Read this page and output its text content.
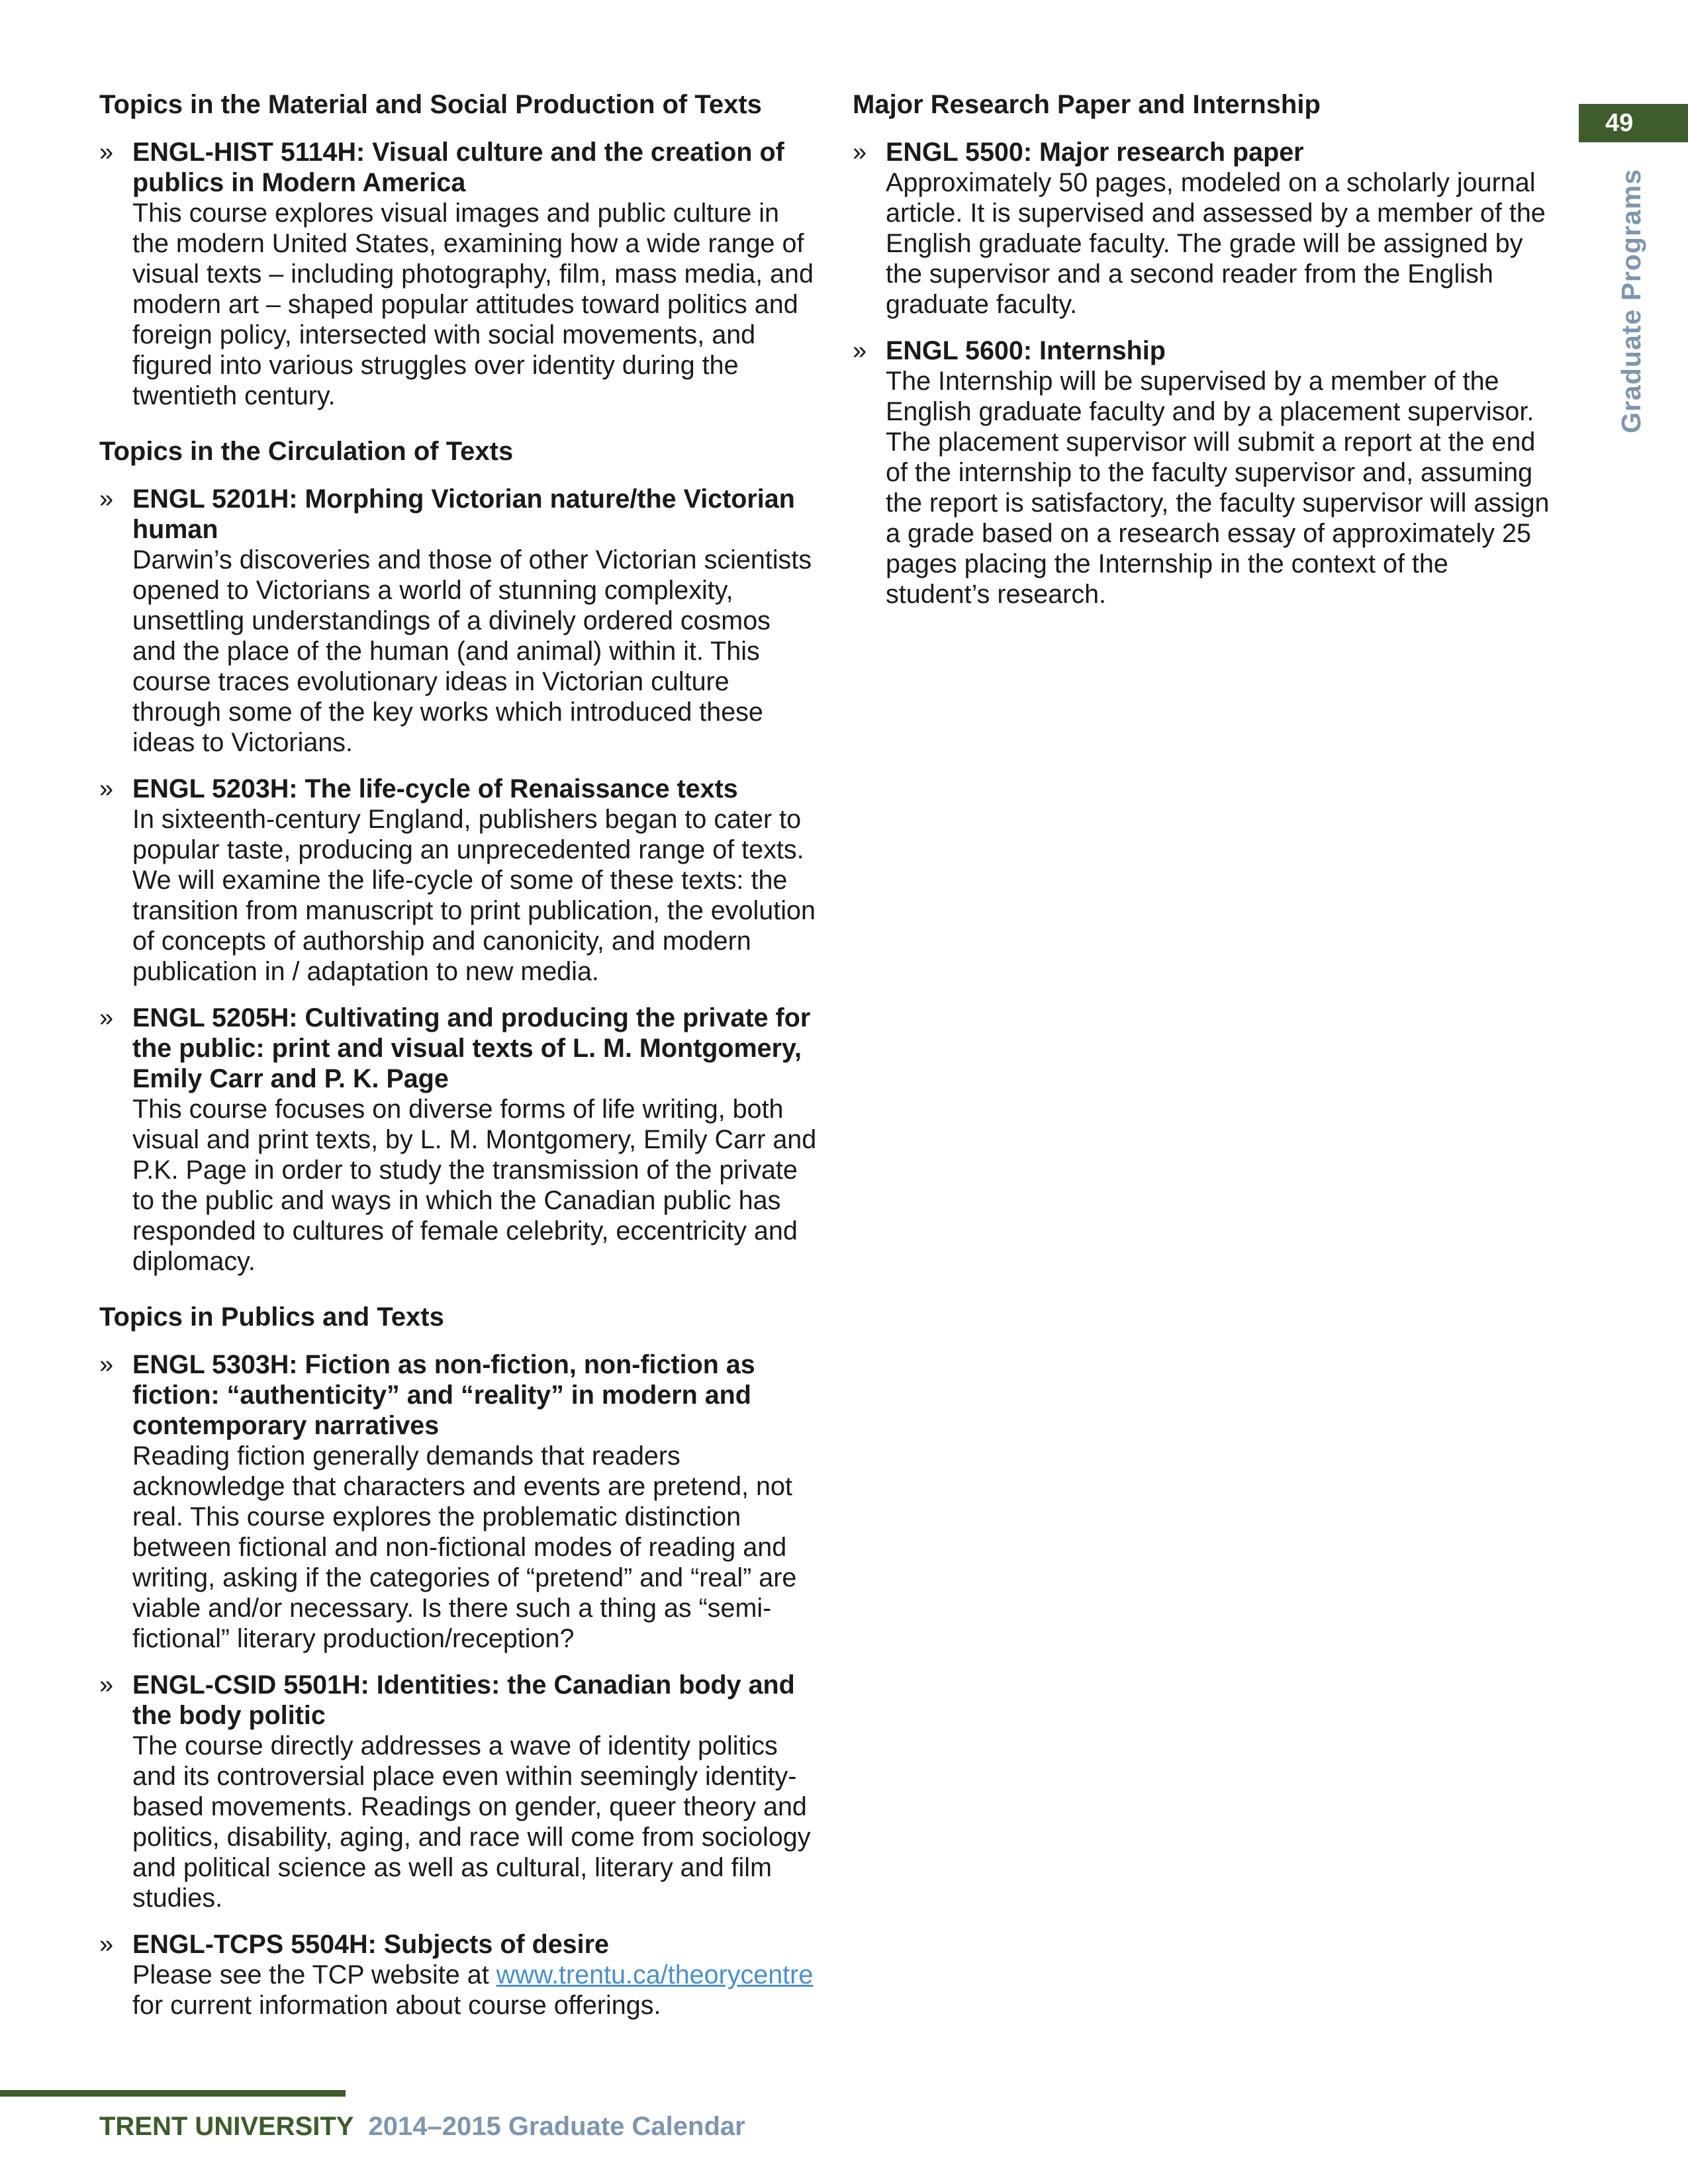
49
Graduate Programs
Topics in the Material and Social Production of Texts
» ENGL-HIST 5114H: Visual culture and the creation of publics in Modern America
This course explores visual images and public culture in the modern United States, examining how a wide range of visual texts – including photography, film, mass media, and modern art – shaped popular attitudes toward politics and foreign policy, intersected with social movements, and figured into various struggles over identity during the twentieth century.
Topics in the Circulation of Texts
» ENGL 5201H: Morphing Victorian nature/the Victorian human
Darwin’s discoveries and those of other Victorian scientists opened to Victorians a world of stunning complexity, unsettling understandings of a divinely ordered cosmos and the place of the human (and animal) within it. This course traces evolutionary ideas in Victorian culture through some of the key works which introduced these ideas to Victorians.
» ENGL 5203H: The life-cycle of Renaissance texts
In sixteenth-century England, publishers began to cater to popular taste, producing an unprecedented range of texts. We will examine the life-cycle of some of these texts: the transition from manuscript to print publication, the evolution of concepts of authorship and canonicity, and modern publication in / adaptation to new media.
» ENGL 5205H: Cultivating and producing the private for the public: print and visual texts of L. M. Montgomery, Emily Carr and P. K. Page
This course focuses on diverse forms of life writing, both visual and print texts, by L. M. Montgomery, Emily Carr and P.K. Page in order to study the transmission of the private to the public and ways in which the Canadian public has responded to cultures of female celebrity, eccentricity and diplomacy.
Topics in Publics and Texts
» ENGL 5303H: Fiction as non-fiction, non-fiction as fiction: “authenticity” and “reality” in modern and contemporary narratives
Reading fiction generally demands that readers acknowledge that characters and events are pretend, not real. This course explores the problematic distinction between fictional and non-fictional modes of reading and writing, asking if the categories of “pretend” and “real” are viable and/or necessary. Is there such a thing as “semi-fictional” literary production/reception?
» ENGL-CSID 5501H: Identities: the Canadian body and the body politic
The course directly addresses a wave of identity politics and its controversial place even within seemingly identity-based movements. Readings on gender, queer theory and politics, disability, aging, and race will come from sociology and political science as well as cultural, literary and film studies.
» ENGL-TCPS 5504H: Subjects of desire
Please see the TCP website at www.trentu.ca/theorycentre for current information about course offerings.
Major Research Paper and Internship
» ENGL 5500: Major research paper
Approximately 50 pages, modeled on a scholarly journal article. It is supervised and assessed by a member of the English graduate faculty. The grade will be assigned by the supervisor and a second reader from the English graduate faculty.
» ENGL 5600: Internship
The Internship will be supervised by a member of the English graduate faculty and by a placement supervisor. The placement supervisor will submit a report at the end of the internship to the faculty supervisor and, assuming the report is satisfactory, the faculty supervisor will assign a grade based on a research essay of approximately 25 pages placing the Internship in the context of the student’s research.
TRENT UNIVERSITY 2014–2015 Graduate Calendar
